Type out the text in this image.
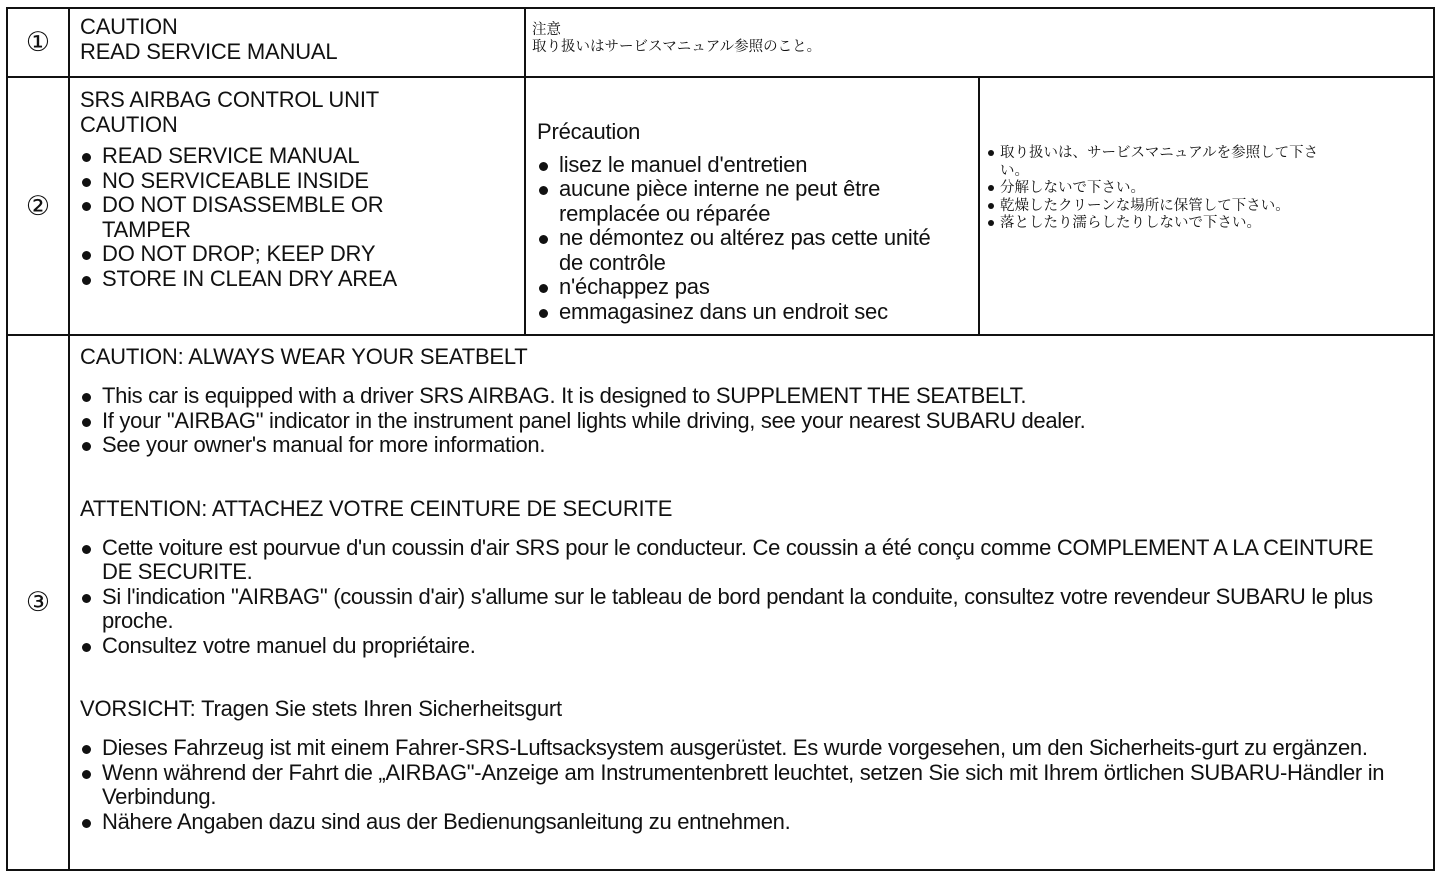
①

CAUTION

READ SERVICE MANUAL

注意

取り扱いはサービスマニュアル参照のこと。

②

SRS AIRBAG CONTROL UNIT

CAUTION

READ SERVICE MANUAL
NO SERVICEABLE INSIDE
DO NOT DISASSEMBLE OR TAMPER
DO NOT DROP; KEEP DRY
STORE IN CLEAN DRY AREA

Précaution

lisez le manuel d'entretien
aucune pièce interne ne peut être remplacée ou réparée
ne démontez ou altérez pas cette unité de contrôle
n'échappez pas
emmagasinez dans un endroit sec
取り扱いは、サービスマニュアルを参照して下さい。
分解しないで下さい。
乾燥したクリーンな場所に保管して下さい。
落としたり濡らしたりしないで下さい。
③

CAUTION: ALWAYS WEAR YOUR SEATBELT

This car is equipped with a driver SRS AIRBAG. It is designed to SUPPLEMENT THE SEATBELT.
If your "AIRBAG" indicator in the instrument panel lights while driving, see your nearest SUBARU dealer.
See your owner's manual for more information.

ATTENTION: ATTACHEZ VOTRE CEINTURE DE SECURITE

Cette voiture est pourvue d'un coussin d'air SRS pour le conducteur. Ce coussin a été conçu comme COMPLEMENT A LA CEINTURE DE SECURITE.
Si l'indication "AIRBAG" (coussin d'air) s'allume sur le tableau de bord pendant la conduite, consultez votre revendeur SUBARU le plus proche.
Consultez votre manuel du propriétaire.

VORSICHT: Tragen Sie stets Ihren Sicherheitsgurt

Dieses Fahrzeug ist mit einem Fahrer-SRS-Luftsacksystem ausgerüstet. Es wurde vorgesehen, um den Sicherheits-gurt zu ergänzen.
Wenn während der Fahrt die „AIRBAG"-Anzeige am Instrumentenbrett leuchtet, setzen Sie sich mit Ihrem örtlichen SUBARU-Händler in Verbindung.
Nähere Angaben dazu sind aus der Bedienungsanleitung zu entnehmen.
